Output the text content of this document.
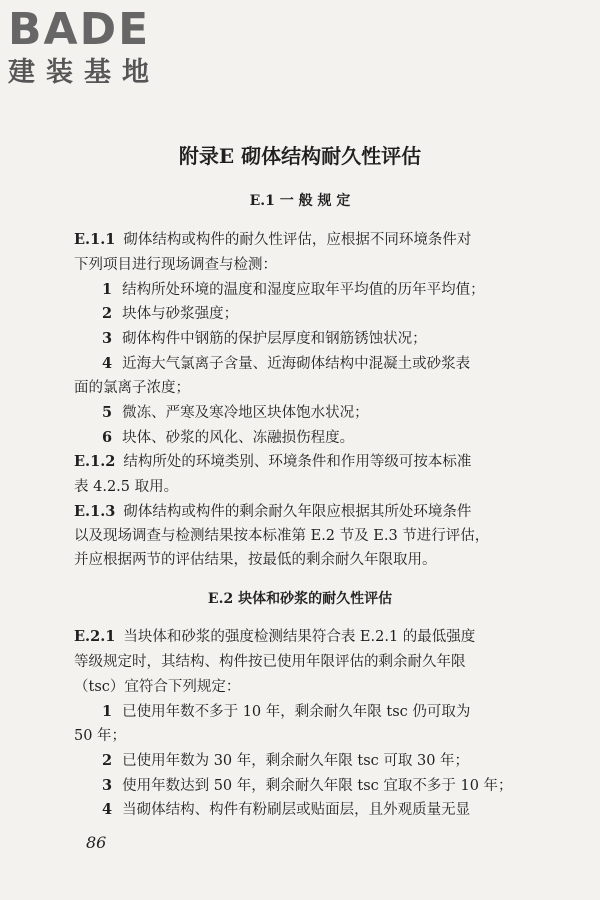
BADE
建装基地
附录E 砌体结构耐久性评估
E.1 一 般 规 定
E.1.1 砌体结构或构件的耐久性评估，应根据不同环境条件对
下列项目进行现场调查与检测：
1 结构所处环境的温度和湿度应取年平均值的历年平均值；
2 块体与砂浆强度；
3 砌体构件中钢筋的保护层厚度和钢筋锈蚀状况；
4 近海大气氯离子含量、近海砌体结构中混凝土或砂浆表
面的氯离子浓度；
5 微冻、严寒及寒冷地区块体饱水状况；
6 块体、砂浆的风化、冻融损伤程度。
E.1.2 结构所处的环境类别、环境条件和作用等级可按本标准
表 4.2.5 取用。
E.1.3 砌体结构或构件的剩余耐久年限应根据其所处环境条件
以及现场调查与检测结果按本标准第 E.2 节及 E.3 节进行评估，
并应根据两节的评估结果，按最低的剩余耐久年限取用。
E.2 块体和砂浆的耐久性评估
E.2.1 当块体和砂浆的强度检测结果符合表 E.2.1 的最低强度
等级规定时，其结构、构件按已使用年限评估的剩余耐久年限
（tsc）宜符合下列规定：
1 已使用年数不多于 10 年，剩余耐久年限 tsc 仍可取为
50 年；
2 已使用年数为 30 年，剩余耐久年限 tsc 可取 30 年；
3 使用年数达到 50 年，剩余耐久年限 tsc 宜取不多于 10 年；
4 当砌体结构、构件有粉刷层或贴面层，且外观质量无显
86
